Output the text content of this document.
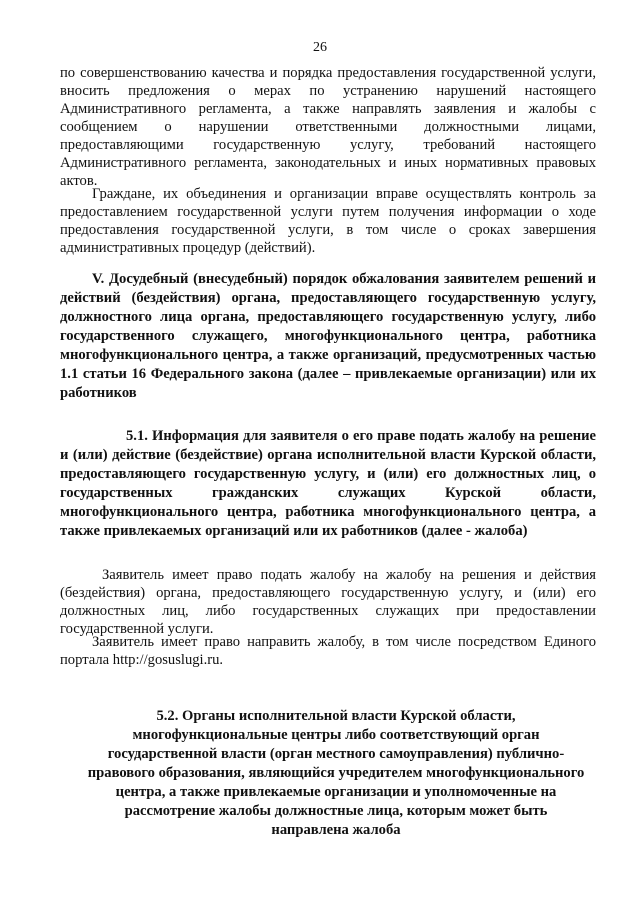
26

по совершенствованию качества и порядка предоставления государственной услуги, вносить предложения о мерах по устранению нарушений настоящего Административного регламента, а также направлять заявления и жалобы с сообщением о нарушении ответственными должностными лицами, предоставляющими государственную услугу, требований настоящего Административного регламента, законодательных и иных нормативных правовых актов.

Граждане, их объединения и организации вправе осуществлять контроль за предоставлением государственной услуги путем получения информации о ходе предоставления государственной услуги, в том числе о сроках завершения административных процедур (действий).

V. Досудебный (внесудебный) порядок обжалования заявителем решений и действий (бездействия) органа, предоставляющего государственную услугу, должностного лица органа, предоставляющего государственную услугу, либо государственного служащего, многофункционального центра, работника многофункционального центра, а также организаций, предусмотренных частью 1.1 статьи 16 Федерального закона (далее – привлекаемые организации) или их работников

5.1. Информация для заявителя о его праве подать жалобу на решение и (или) действие (бездействие) органа исполнительной власти Курской области, предоставляющего государственную услугу, и (или) его должностных лиц, о государственных гражданских служащих Курской области, многофункционального центра, работника многофункционального центра, а также привлекаемых организаций или их работников (далее - жалоба)

Заявитель имеет право подать жалобу на жалобу на решения и действия (бездействия) органа, предоставляющего государственную услугу, и (или) его должностных лиц, либо государственных служащих при предоставлении государственной услуги.

Заявитель имеет право направить жалобу, в том числе посредством Единого портала http://gosuslugi.ru.

5.2. Органы исполнительной власти Курской области, многофункциональные центры либо соответствующий орган государственной власти (орган местного самоуправления) публично-правового образования, являющийся учредителем многофункционального центра, а также привлекаемые организации и уполномоченные на рассмотрение жалобы должностные лица, которым может быть направлена жалоба
